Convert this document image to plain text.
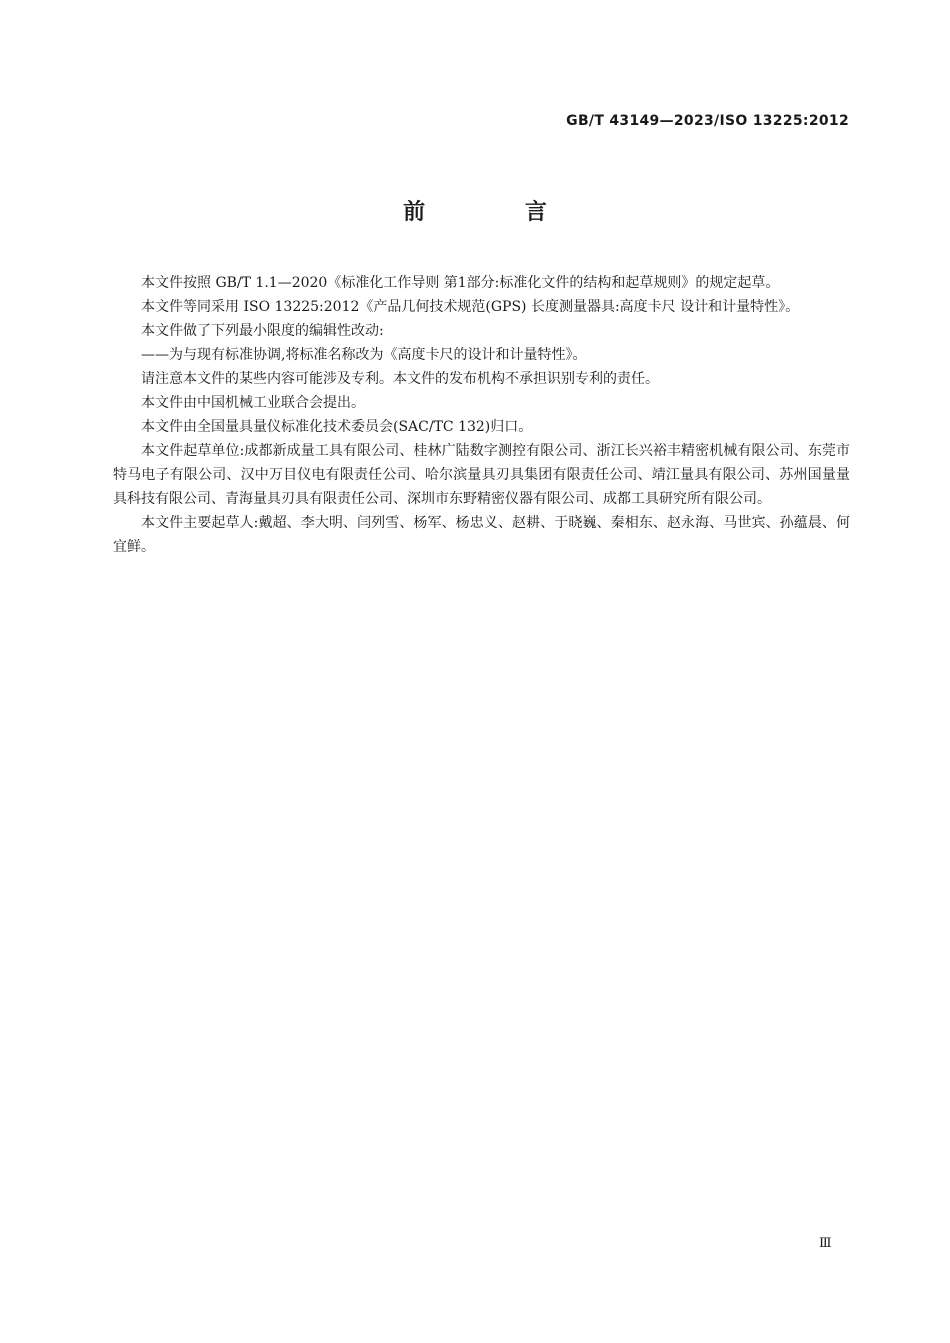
GB/T 43149—2023/ISO 13225:2012
前 言

本文件按照 GB/T 1.1—2020《标准化工作导则 第1部分:标准化文件的结构和起草规则》的规定起草。

本文件等同采用 ISO 13225:2012《产品几何技术规范(GPS) 长度测量器具:高度卡尺 设计和计量特性》。

本文件做了下列最小限度的编辑性改动:

——为与现有标准协调,将标准名称改为《高度卡尺的设计和计量特性》。

请注意本文件的某些内容可能涉及专利。本文件的发布机构不承担识别专利的责任。

本文件由中国机械工业联合会提出。

本文件由全国量具量仪标准化技术委员会(SAC/TC 132)归口。

本文件起草单位:成都新成量工具有限公司、桂林广陆数字测控有限公司、浙江长兴裕丰精密机械有限公司、东莞市特马电子有限公司、汉中万目仪电有限责任公司、哈尔滨量具刃具集团有限责任公司、靖江量具有限公司、苏州国量量具科技有限公司、青海量具刃具有限责任公司、深圳市东野精密仪器有限公司、成都工具研究所有限公司。

本文件主要起草人:戴超、李大明、闫列雪、杨军、杨忠义、赵耕、于晓巍、秦相东、赵永海、马世宾、孙蕴晨、何宜鲜。

Ⅲ
